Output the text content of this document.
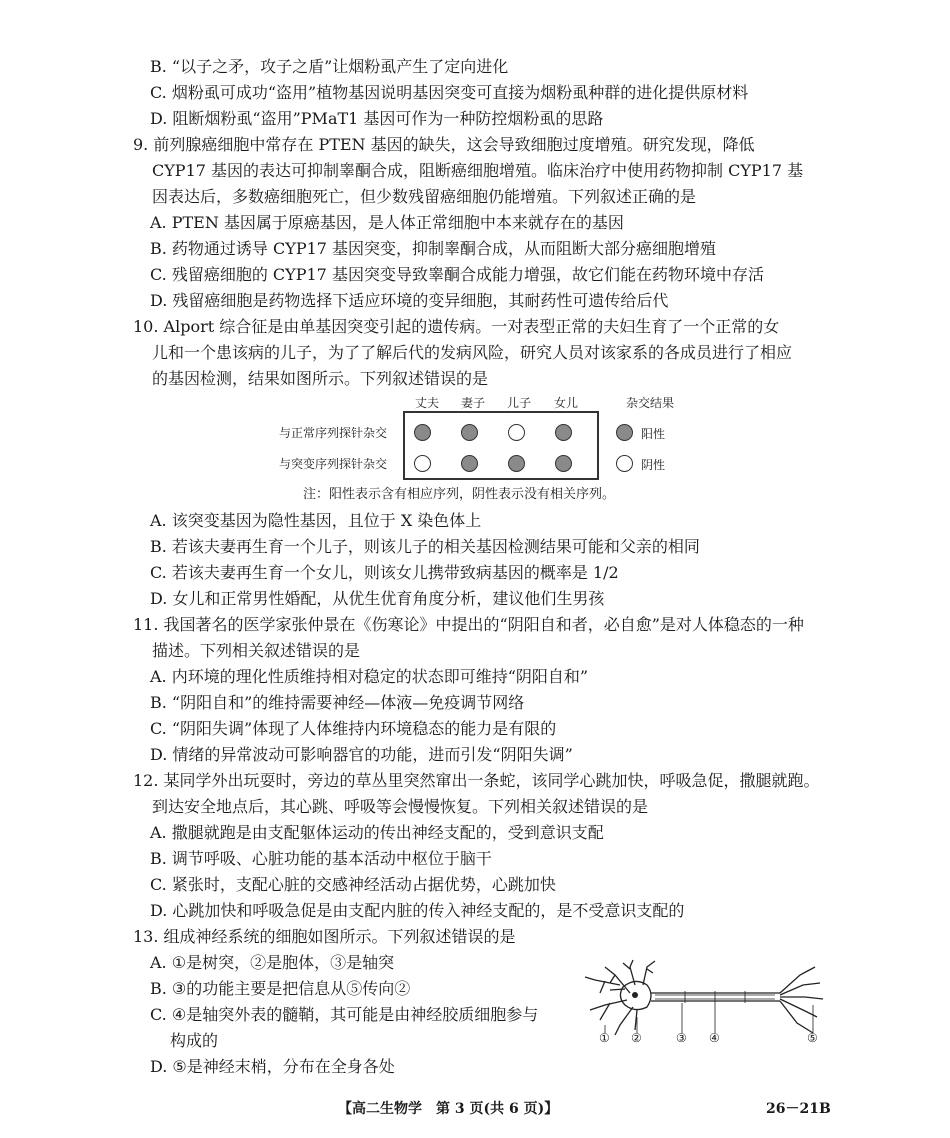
B. “以子之矛，攻子之盾”让烟粉虱产生了定向进化
C. 烟粉虱可成功“盗用”植物基因说明基因突变可直接为烟粉虱种群的进化提供原材料
D. 阻断烟粉虱“盗用”PMaT1 基因可作为一种防控烟粉虱的思路
9. 前列腺癌细胞中常存在 PTEN 基因的缺失，这会导致细胞过度增殖。研究发现，降低
CYP17 基因的表达可抑制睾酮合成，阻断癌细胞增殖。临床治疗中使用药物抑制 CYP17 基
因表达后，多数癌细胞死亡，但少数残留癌细胞仍能增殖。下列叙述正确的是
A. PTEN 基因属于原癌基因，是人体正常细胞中本来就存在的基因
B. 药物通过诱导 CYP17 基因突变，抑制睾酮合成，从而阻断大部分癌细胞增殖
C. 残留癌细胞的 CYP17 基因突变导致睾酮合成能力增强，故它们能在药物环境中存活
D. 残留癌细胞是药物选择下适应环境的变异细胞，其耐药性可遗传给后代
10. Alport 综合征是由单基因突变引起的遗传病。一对表型正常的夫妇生育了一个正常的女
儿和一个患该病的儿子，为了了解后代的发病风险，研究人员对该家系的各成员进行了相应
的基因检测，结果如图所示。下列叙述错误的是
丈夫 妻子 儿子 女儿	杂交结果
与正常序列探针杂交
与突变序列探针杂交
阳性
阴性
注：阳性表示含有相应序列，阴性表示没有相关序列。
A. 该突变基因为隐性基因，且位于 X 染色体上
B. 若该夫妻再生育一个儿子，则该儿子的相关基因检测结果可能和父亲的相同
C. 若该夫妻再生育一个女儿，则该女儿携带致病基因的概率是 1/2
D. 女儿和正常男性婚配，从优生优育角度分析，建议他们生男孩
11. 我国著名的医学家张仲景在《伤寒论》中提出的“阴阳自和者，必自愈”是对人体稳态的一种
描述。下列相关叙述错误的是
A. 内环境的理化性质维持相对稳定的状态即可维持“阴阳自和”
B. “阴阳自和”的维持需要神经—体液—免疫调节网络
C. “阴阳失调”体现了人体维持内环境稳态的能力是有限的
D. 情绪的异常波动可影响器官的功能，进而引发“阴阳失调”
12. 某同学外出玩耍时，旁边的草丛里突然窜出一条蛇，该同学心跳加快，呼吸急促，撒腿就跑。
到达安全地点后，其心跳、呼吸等会慢慢恢复。下列相关叙述错误的是
A. 撒腿就跑是由支配躯体运动的传出神经支配的，受到意识支配
B. 调节呼吸、心脏功能的基本活动中枢位于脑干
C. 紧张时，支配心脏的交感神经活动占据优势，心跳加快
D. 心跳加快和呼吸急促是由支配内脏的传入神经支配的，是不受意识支配的
13. 组成神经系统的细胞如图所示。下列叙述错误的是
A. ①是树突，②是胞体，③是轴突
B. ③的功能主要是把信息从⑤传向②
C. ④是轴突外表的髓鞘，其可能是由神经胶质细胞参与
构成的
D. ⑤是神经末梢，分布在全身各处
① ②	③ ④	⑤
【高二生物学　第 3 页(共 6 页)】	26－21B
